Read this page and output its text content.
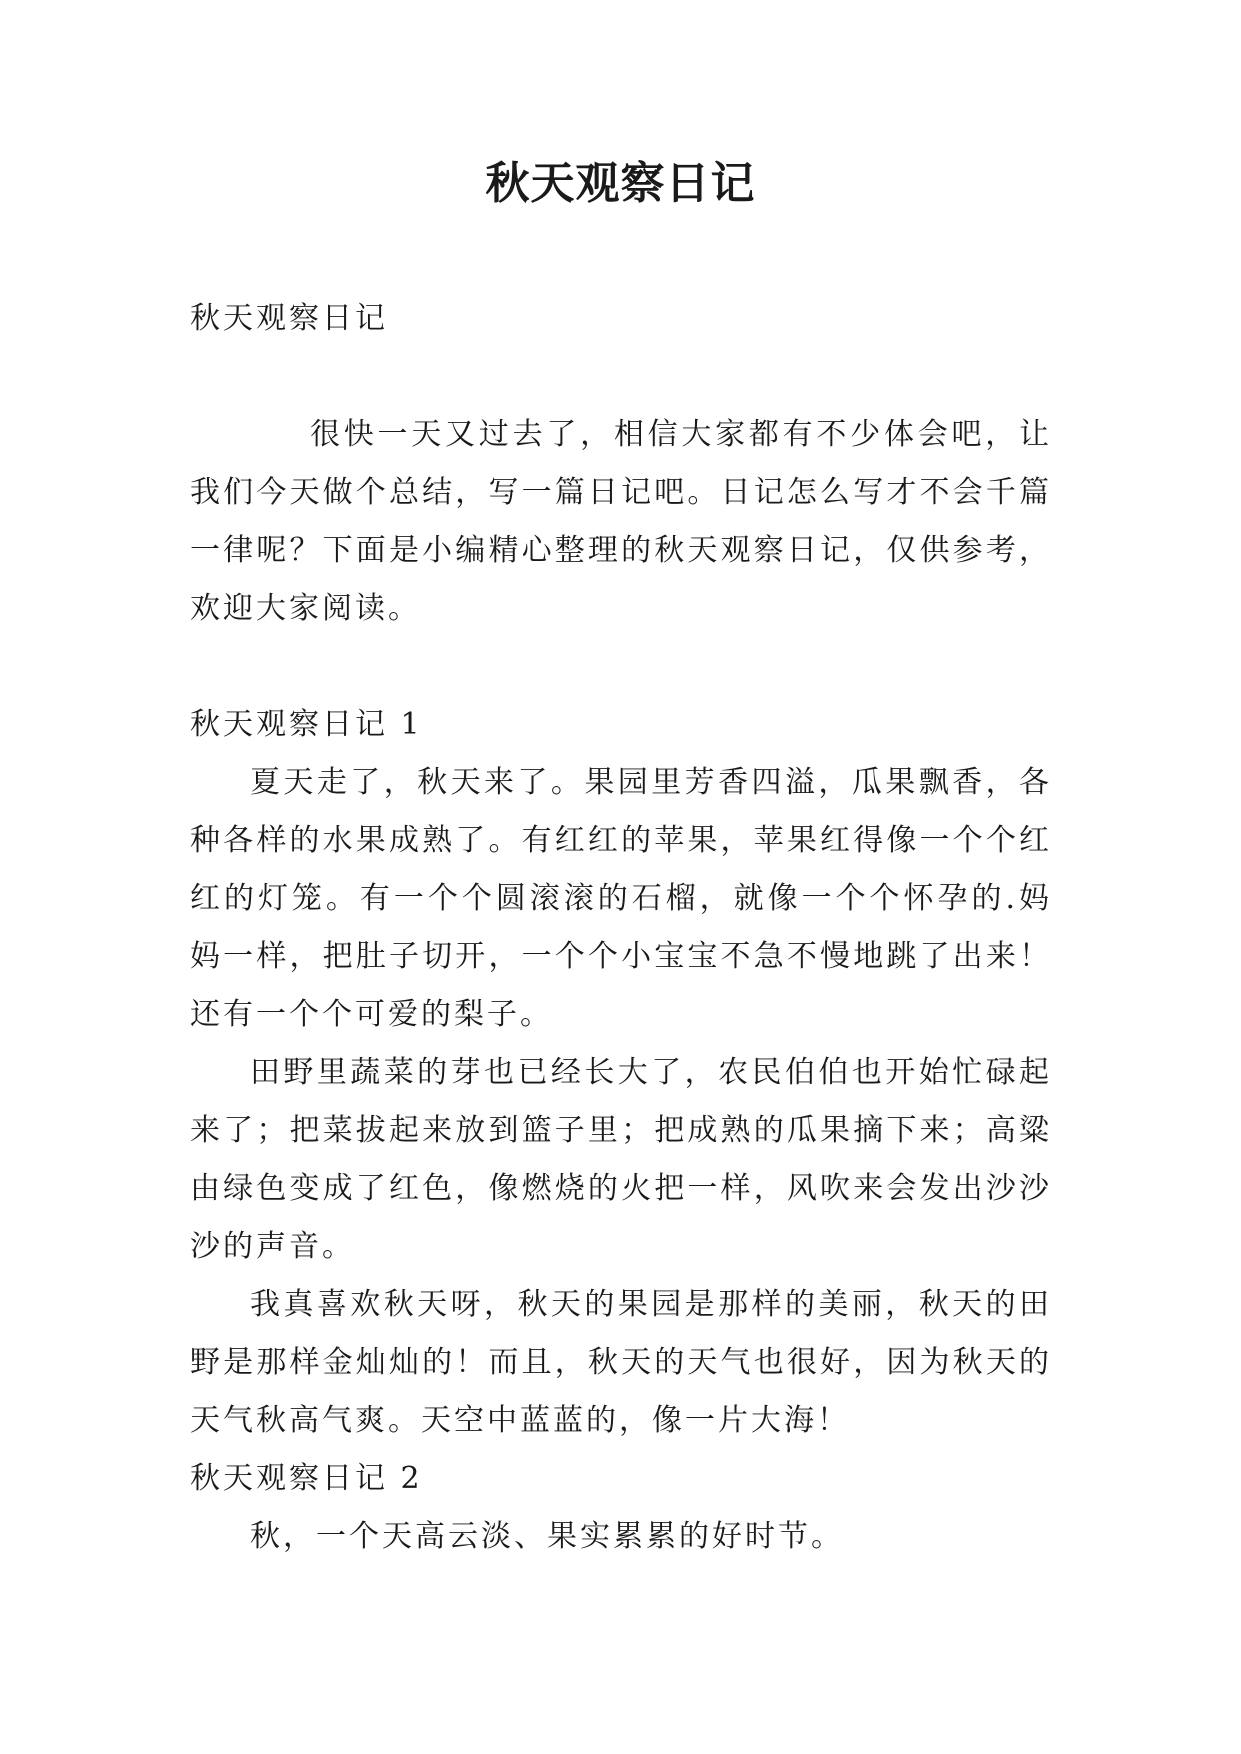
秋天观察日记

秋天观察日记

很快一天又过去了，相信大家都有不少体会吧，让我们今天做个总结，写一篇日记吧。日记怎么写才不会千篇一律呢？下面是小编精心整理的秋天观察日记，仅供参考，欢迎大家阅读。

秋天观察日记 1

夏天走了，秋天来了。果园里芳香四溢，瓜果飘香，各种各样的水果成熟了。有红红的苹果，苹果红得像一个个红红的灯笼。有一个个圆滚滚的石榴，就像一个个怀孕的.妈妈一样，把肚子切开，一个个小宝宝不急不慢地跳了出来！还有一个个可爱的梨子。

田野里蔬菜的芽也已经长大了，农民伯伯也开始忙碌起来了；把菜拔起来放到篮子里；把成熟的瓜果摘下来；高粱由绿色变成了红色，像燃烧的火把一样，风吹来会发出沙沙沙的声音。

我真喜欢秋天呀，秋天的果园是那样的美丽，秋天的田野是那样金灿灿的！而且，秋天的天气也很好，因为秋天的天气秋高气爽。天空中蓝蓝的，像一片大海！

秋天观察日记 2

秋，一个天高云淡、果实累累的好时节。
